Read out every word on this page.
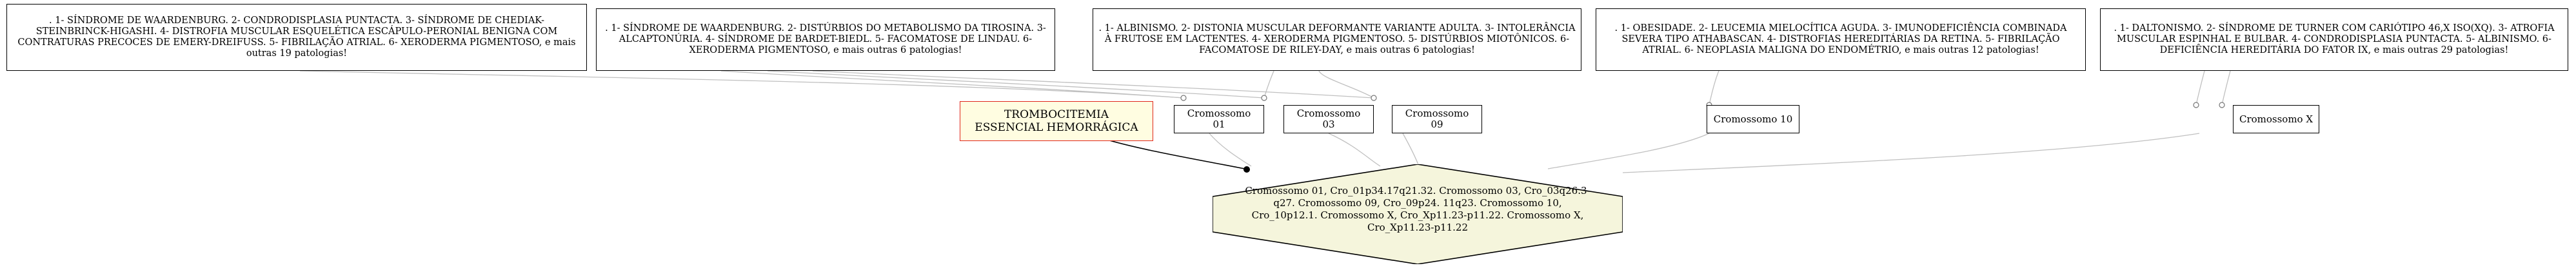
. 1- SÍNDROME DE WAARDENBURG. 2- CONDRODISPLASIA PUNTACTA. 3- SÍNDROME DE CHEDIAK-STEINBRINCK-HIGASHI. 4- DISTROFIA MUSCULAR ESQUELÉTICA ESCÁPULO-PERONIAL BENIGNA COM CONTRATURAS PRECOCES DE EMERY-DREIFUSS. 5- FIBRILAÇÃO ATRIAL. 6- XERODERMA PIGMENTOSO, e mais outras 19 patologias!
. 1- SÍNDROME DE WAARDENBURG. 2- DISTÚRBIOS DO METABOLISMO DA TIROSINA. 3- ALCAPTONÚRIA. 4- SÍNDROME DE BARDET-BIEDL. 5- FACOMATOSE DE LINDAU. 6- XERODERMA PIGMENTOSO, e mais outras 6 patologias!
. 1- ALBINISMO. 2- DISTONIA MUSCULAR DEFORMANTE VARIANTE ADULTA. 3- INTOLERÂNCIA À FRUTOSE EM LACTENTES. 4- XERODERMA PIGMENTOSO. 5- DISTÚRBIOS MIOTÔNICOS. 6- FACOMATOSE DE RILEY-DAY, e mais outras 6 patologias!
. 1- OBESIDADE. 2- LEUCEMIA MIELOCÍTICA AGUDA. 3- IMUNODEFICIÊNCIA COMBINADA SEVERA TIPO ATHABASCAN. 4- DISTROFIAS HEREDITÁRIAS DA RETINA. 5- FIBRILAÇÃO ATRIAL. 6- NEOPLASIA MALIGNA DO ENDOMÉTRIO, e mais outras 12 patologias!
. 1- DALTONISMO. 2- SÍNDROME DE TURNER COM CARIÓTIPO 46,X ISO(XQ). 3- ATROFIA MUSCULAR ESPINHAL E BULBAR. 4- CONDRODISPLASIA PUNTACTA. 5- ALBINISMO. 6- DEFICIÊNCIA HEREDITÁRIA DO FATOR IX, e mais outras 29 patologias!
TROMBOCITEMIA
ESSENCIAL HEMORRÁGICA
Cromossomo 01
Cromossomo 03
Cromossomo 09	Cromossomo 10	Cromossomo X
Cromossomo 01, Cro_01p34.17q21.32. Cromossomo 03, Cro_03q26.3-q27. Cromossomo 09, Cro_09p24. 11q23. Cromossomo 10, Cro_10p12.1. Cromossomo X, Cro_Xp11.23-p11.22. Cromossomo X, Cro_Xp11.23-p11.22
